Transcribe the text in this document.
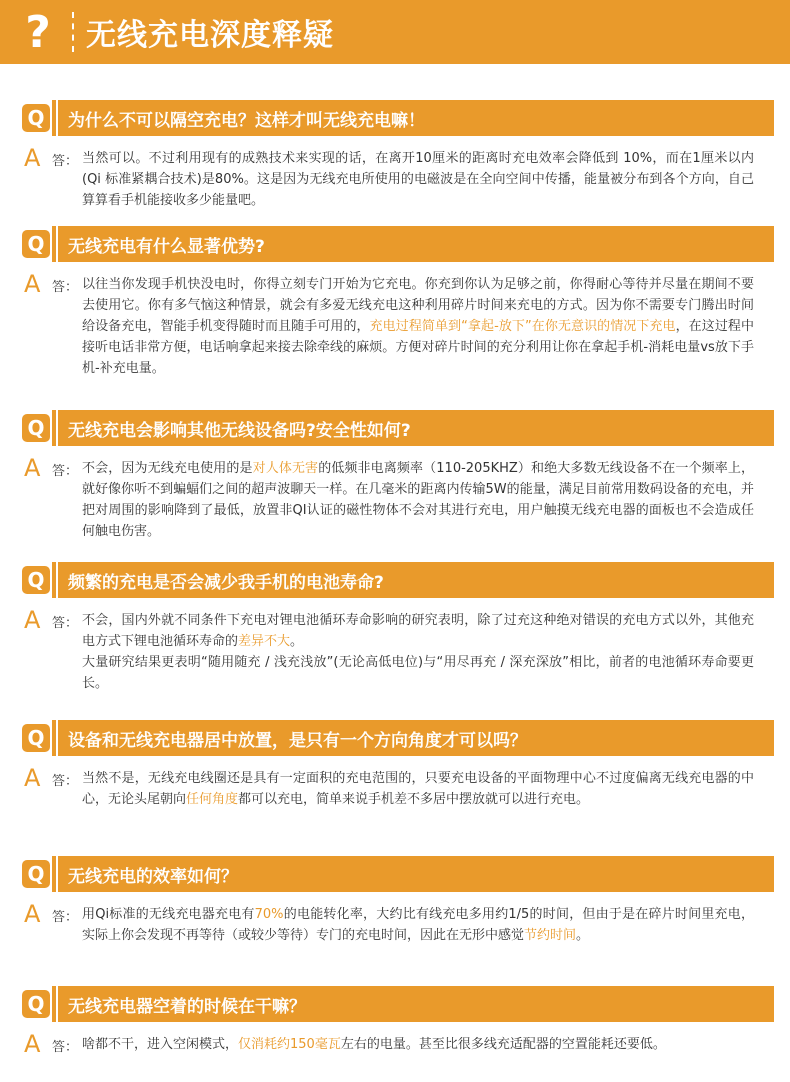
?	无线充电深度释疑
Q	为什么不可以隔空充电？这样才叫无线充电嘛！
A 答： 当然可以。不过利用现有的成熟技术来实现的话，在离开10厘米的距离时充电效率会降低到 10%，而在1厘米以内(Qi 标准紧耦合技术)是80%。这是因为无线充电所使用的电磁波是在全向空间中传播，能量被分布到各个方向，自己算算看手机能接收多少能量吧。
Q	无线充电有什么显著优势?
A 答： 以往当你发现手机快没电时，你得立刻专门开始为它充电。你充到你认为足够之前，你得耐心等待并尽量在期间不要去使用它。你有多气恼这种情景，就会有多爱无线充电这种利用碎片时间来充电的方式。因为你不需要专门腾出时间给设备充电，智能手机变得随时而且随手可用的，充电过程简单到“拿起-放下”在你无意识的情况下充电，在这过程中接听电话非常方便，电话响拿起来接去除牵线的麻烦。方便对碎片时间的充分利用让你在拿起手机-消耗电量vs放下手机-补充电量。
Q	无线充电会影响其他无线设备吗?安全性如何?
A 答： 不会，因为无线充电使用的是对人体无害的低频非电离频率（110-205KHZ）和绝大多数无线设备不在一个频率上，就好像你听不到蝙蝠们之间的超声波聊天一样。在几毫米的距离内传输5W的能量，满足目前常用数码设备的充电，并把对周围的影响降到了最低，放置非QI认证的磁性物体不会对其进行充电，用户触摸无线充电器的面板也不会造成任何触电伤害。
Q	频繁的充电是否会减少我手机的电池寿命?
A 答： 不会，国内外就不同条件下充电对锂电池循环寿命影响的研究表明，除了过充这种绝对错误的充电方式以外，其他充电方式下锂电池循环寿命的差异不大。
大量研究结果更表明“随用随充 / 浅充浅放”(无论高低电位)与“用尽再充 / 深充深放”相比，前者的电池循环寿命要更长。
Q	设备和无线充电器居中放置，是只有一个方向角度才可以吗？
A 答： 当然不是，无线充电线圈还是具有一定面积的充电范围的，只要充电设备的平面物理中心不过度偏离无线充电器的中心，无论头尾朝向任何角度都可以充电，简单来说手机差不多居中摆放就可以进行充电。
Q	无线充电的效率如何？
A 答： 用Qi标准的无线充电器充电有70%的电能转化率，大约比有线充电多用约1/5的时间，但由于是在碎片时间里充电，实际上你会发现不再等待（或较少等待）专门的充电时间，因此在无形中感觉节约时间。
Q	无线充电器空着的时候在干嘛？
A 答： 啥都不干，进入空闲模式，仅消耗约150毫瓦左右的电量。甚至比很多线充适配器的空置能耗还要低。
